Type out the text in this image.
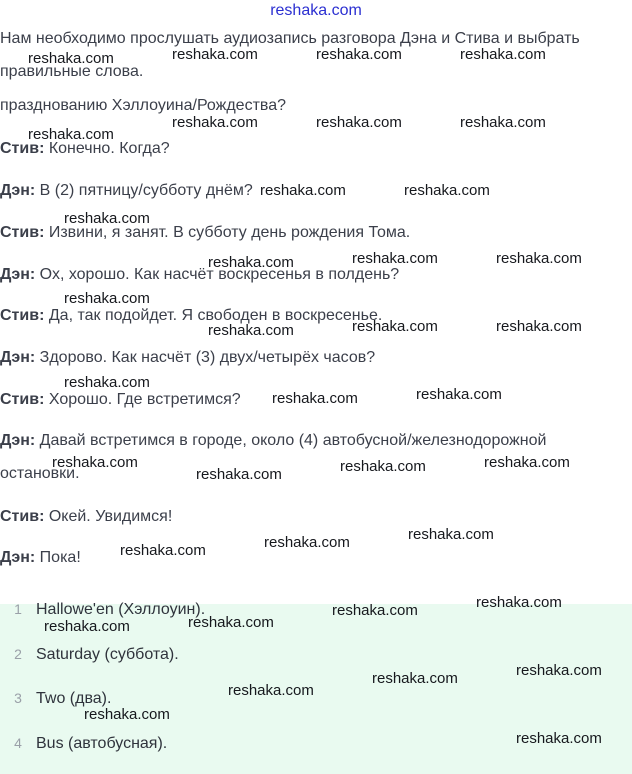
reshaka.com
Нам необходимо прослушать аудиозапись разговора Дэна и Стива и выбрать
правильные слова.
празднованию Хэллоуина/Рождества?
Стив: Конечно. Когда?
Дэн: В (2) пятницу/субботу днём?
Стив: Извини, я занят. В субботу день рождения Тома.
Дэн: Ох, хорошо. Как насчёт воскресенья в полдень?
Стив: Да, так подойдет. Я свободен в воскресенье.
Дэн: Здорово. Как насчёт (3) двух/четырёх часов?
Стив: Хорошо. Где встретимся?
Дэн: Давай встретимся в городе, около (4) автобусной/железнодорожной
остановки.
Стив: Окей. Увидимся!
Дэн: Пока!
1 Hallowe'en (Хэллоуин).
2 Saturday (суббота).
3 Two (два).
4 Bus (автобусная).
reshaka.com	reshaka.com	reshaka.com	reshaka.com
reshaka.com
reshaka.com	reshaka.com	reshaka.com
reshaka.com	reshaka.com
reshaka.com
reshaka.com	reshaka.com	reshaka.com
reshaka.com
reshaka.com	reshaka.com	reshaka.com
reshaka.com
reshaka.com	reshaka.com
reshaka.com
reshaka.com	reshaka.com	reshaka.com
reshaka.com	reshaka.com	reshaka.com
reshaka.com
reshaka.com
reshaka.com
reshaka.com
reshaka.com
reshaka.com
reshaka.com
reshaka.com
reshaka.com
